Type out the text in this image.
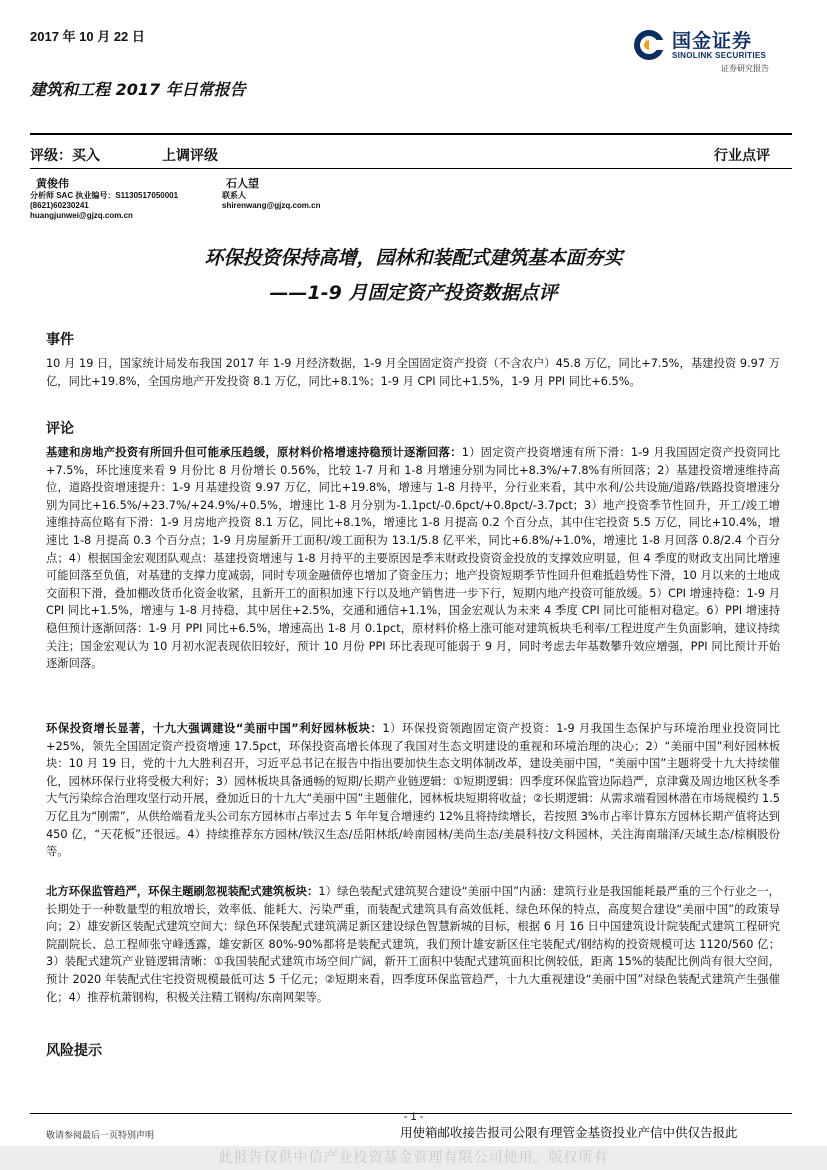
2017 年 10 月 22 日	国金证券
SINOLINK SECURITIES
证券研究报告
建筑和工程 2017 年日常报告
评级：买入	上调评级	行业点评
黄俊伟
分析师 SAC 执业编号：S1130517050001
(8621)60230241
huangjunwei@gjzq.com.cn
石人望
联系人
shirenwang@gjzq.com.cn
环保投资保持高增，园林和装配式建筑基本面夯实
——1-9 月固定资产投资数据点评
事件
10 月 19 日，国家统计局发布我国 2017 年 1-9 月经济数据，1-9 月全国固定资产投资（不含农户）45.8 万亿，同比+7.5%，基建投资 9.97 万亿，同比+19.8%，全国房地产开发投资 8.1 万亿，同比+8.1%；1-9 月 CPI 同比+1.5%，1-9 月 PPI 同比+6.5%。
评论
基建和房地产投资有所回升但可能承压趋缓，原材料价格增速持稳预计逐渐回落：1）固定资产投资增速有所下滑：1-9 月我国固定资产投资同比+7.5%，环比速度来看 9 月份比 8 月份增长 0.56%，比较 1-7 月和 1-8 月增速分别为同比+8.3%/+7.8%有所回落；2）基建投资增速维持高位，道路投资增速提升：1-9 月基建投资 9.97 万亿，同比+19.8%，增速与 1-8 月持平，分行业来看，其中水利/公共设施/道路/铁路投资增速分别为同比+16.5%/+23.7%/+24.9%/+0.5%，增速比 1-8 月分别为-1.1pct/-0.6pct/+0.8pct/-3.7pct；3）地产投资季节性回升，开工/竣工增速维持高位略有下滑：1-9 月房地产投资 8.1 万亿，同比+8.1%，增速比 1-8 月提高 0.2 个百分点，其中住宅投资 5.5 万亿，同比+10.4%，增速比 1-8 月提高 0.3 个百分点；1-9 月房屋新开工面积/竣工面积为 13.1/5.8 亿平米，同比+6.8%/+1.0%，增速比 1-8 月回落 0.8/2.4 个百分点；4）根据国金宏观团队观点：基建投资增速与 1-8 月持平的主要原因是季末财政投资资金投放的支撑效应明显，但 4 季度的财政支出同比增速可能回落至负值，对基建的支撑力度减弱，同时专项金融债停也增加了资金压力；地产投资短期季节性回升但难抵趋势性下滑，10 月以来的土地成交面积下滑，叠加棚改货币化资金收紧，且新开工的面积加速下行以及地产销售进一步下行，短期内地产投资可能放缓。5）CPI 增速持稳：1-9 月 CPI 同比+1.5%，增速与 1-8 月持稳，其中居住+2.5%，交通和通信+1.1%，国金宏观认为未来 4 季度 CPI 同比可能相对稳定。6）PPI 增速持稳但预计逐渐回落：1-9 月 PPI 同比+6.5%，增速高出 1-8 月 0.1pct，原材料价格上涨可能对建筑板块毛利率/工程进度产生负面影响，建议持续关注；国金宏观认为 10 月初水泥表现依旧较好，预计 10 月份 PPI 环比表现可能弱于 9 月，同时考虑去年基数攀升效应增强，PPI 同比预计开始逐渐回落。
环保投资增长显著，十九大强调建设“美丽中国”利好园林板块：1）环保投资领跑固定资产投资：1-9 月我国生态保护与环境治理业投资同比+25%，领先全国固定资产投资增速 17.5pct，环保投资高增长体现了我国对生态文明建设的重视和环境治理的决心；2）“美丽中国”利好园林板块：10 月 19 日，党的十九大胜利召开，习近平总书记在报告中指出要加快生态文明体制改革，建设美丽中国，“美丽中国”主题将受十九大持续催化，园林环保行业将受极大利好；3）园林板块具备通畅的短期/长期产业链逻辑：①短期逻辑：四季度环保监管边际趋严，京津冀及周边地区秋冬季大气污染综合治理攻坚行动开展，叠加近日的十九大“美丽中国”主题催化，园林板块短期将收益；②长期逻辑：从需求端看园林潜在市场规模约 1.5 万亿且为“刚需”，从供给端看龙头公司东方园林市占率过去 5 年年复合增速约 12%且将持续增长，若按照 3%市占率计算东方园林长期产值将达到 450 亿，“天花板”还很远。4）持续推荐东方园林/铁汉生态/岳阳林纸/岭南园林/美尚生态/美晨科技/文科园林，关注海南瑞泽/天域生态/棕榈股份等。
北方环保监管趋严，环保主题刷忽视装配式建筑板块：1）绿色装配式建筑契合建设“美丽中国”内涵：建筑行业是我国能耗最严重的三个行业之一，长期处于一种数量型的粗放增长，效率低、能耗大、污染严重，而装配式建筑具有高效低耗、绿色环保的特点，高度契合建设“美丽中国”的政策导向；2）雄安新区装配式建筑空间大：绿色环保装配式建筑满足新区建设绿色智慧新城的目标，根据 6 月 16 日中国建筑设计院装配式建筑工程研究院副院长、总工程师张守峰透露，雄安新区 80%-90%都将是装配式建筑，我们预计雄安新区住宅装配式/钢结构的投资规模可达 1120/560 亿；3）装配式建筑产业链逻辑清晰：①我国装配式建筑市场空间广阔，新开工面积中装配式建筑面积比例较低，距离 15%的装配比例尚有很大空间，预计 2020 年装配式住宅投资规模最低可达 5 千亿元；②短期来看，四季度环保监管趋严，十九大重视建设“美丽中国”对绿色装配式建筑产生强催化；4）推荐杭萧钢构，积极关注精工钢构/东南网架等。
风险提示
- 1 -
敬请参阅最后一页特别声明	用使箱邮收接告报司公限有理管金基资投业产信中供仅告报此
此报告仅供中信产业投资基金管理有限公司使用。版权所有
